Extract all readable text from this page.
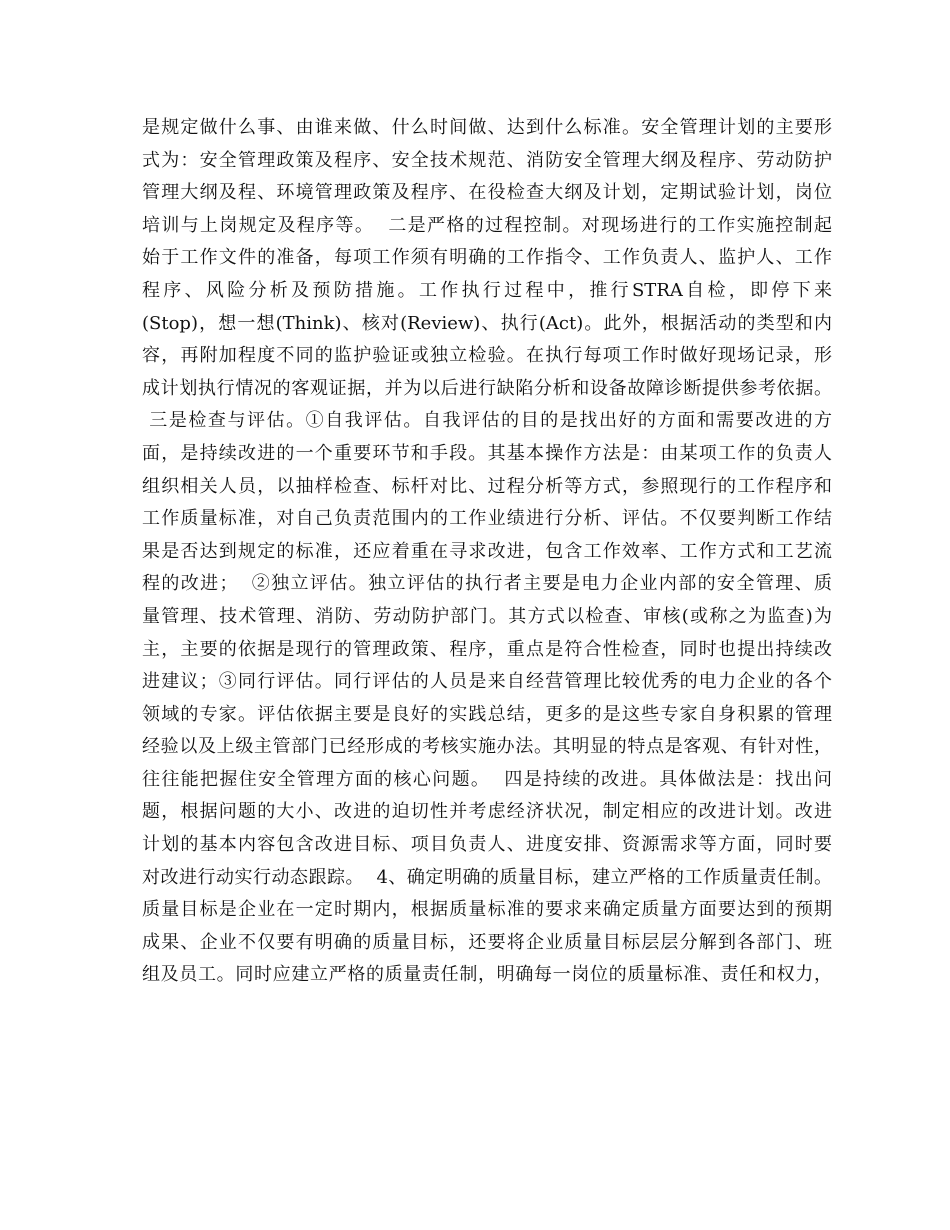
是规定做什么事、由谁来做、什么时间做、达到什么标准。安全管理计划的主要形
式为：安全管理政策及程序、安全技术规范、消防安全管理大纲及程序、劳动防护
管理大纲及程、环境管理政策及程序、在役检查大纲及计划，定期试验计划，岗位
培训与上岗规定及程序等。  二是严格的过程控制。对现场进行的工作实施控制起
始于工作文件的准备，每项工作须有明确的工作指令、工作负责人、监护人、工作
程序、风险分析及预防措施。工作执行过程中，推行STRA自检，即停下来
(Stop)，想一想(Think)、核对(Review)、执行(Act)。此外，根据活动的类型和内
容，再附加程度不同的监护验证或独立检验。在执行每项工作时做好现场记录，形
成计划执行情况的客观证据，并为以后进行缺陷分析和设备故障诊断提供参考依据。
三是检查与评估。①自我评估。自我评估的目的是找出好的方面和需要改进的方
面，是持续改进的一个重要环节和手段。其基本操作方法是：由某项工作的负责人
组织相关人员，以抽样检查、标杆对比、过程分析等方式，参照现行的工作程序和
工作质量标准，对自己负责范围内的工作业绩进行分析、评估。不仅要判断工作结
果是否达到规定的标准，还应着重在寻求改进，包含工作效率、工作方式和工艺流
程的改进；  ②独立评估。独立评估的执行者主要是电力企业内部的安全管理、质
量管理、技术管理、消防、劳动防护部门。其方式以检查、审核(或称之为监查)为
主，主要的依据是现行的管理政策、程序，重点是符合性检查，同时也提出持续改
进建议；③同行评估。同行评估的人员是来自经营管理比较优秀的电力企业的各个
领域的专家。评估依据主要是良好的实践总结，更多的是这些专家自身积累的管理
经验以及上级主管部门已经形成的考核实施办法。其明显的特点是客观、有针对性，
往往能把握住安全管理方面的核心问题。  四是持续的改进。具体做法是：找出问
题，根据问题的大小、改进的迫切性并考虑经济状况，制定相应的改进计划。改进
计划的基本内容包含改进目标、项目负责人、进度安排、资源需求等方面，同时要
对改进行动实行动态跟踪。  4、确定明确的质量目标，建立严格的工作质量责任制。
质量目标是企业在一定时期内，根据质量标准的要求来确定质量方面要达到的预期
成果、企业不仅要有明确的质量目标，还要将企业质量目标层层分解到各部门、班
组及员工。同时应建立严格的质量责任制，明确每一岗位的质量标准、责任和权力，
